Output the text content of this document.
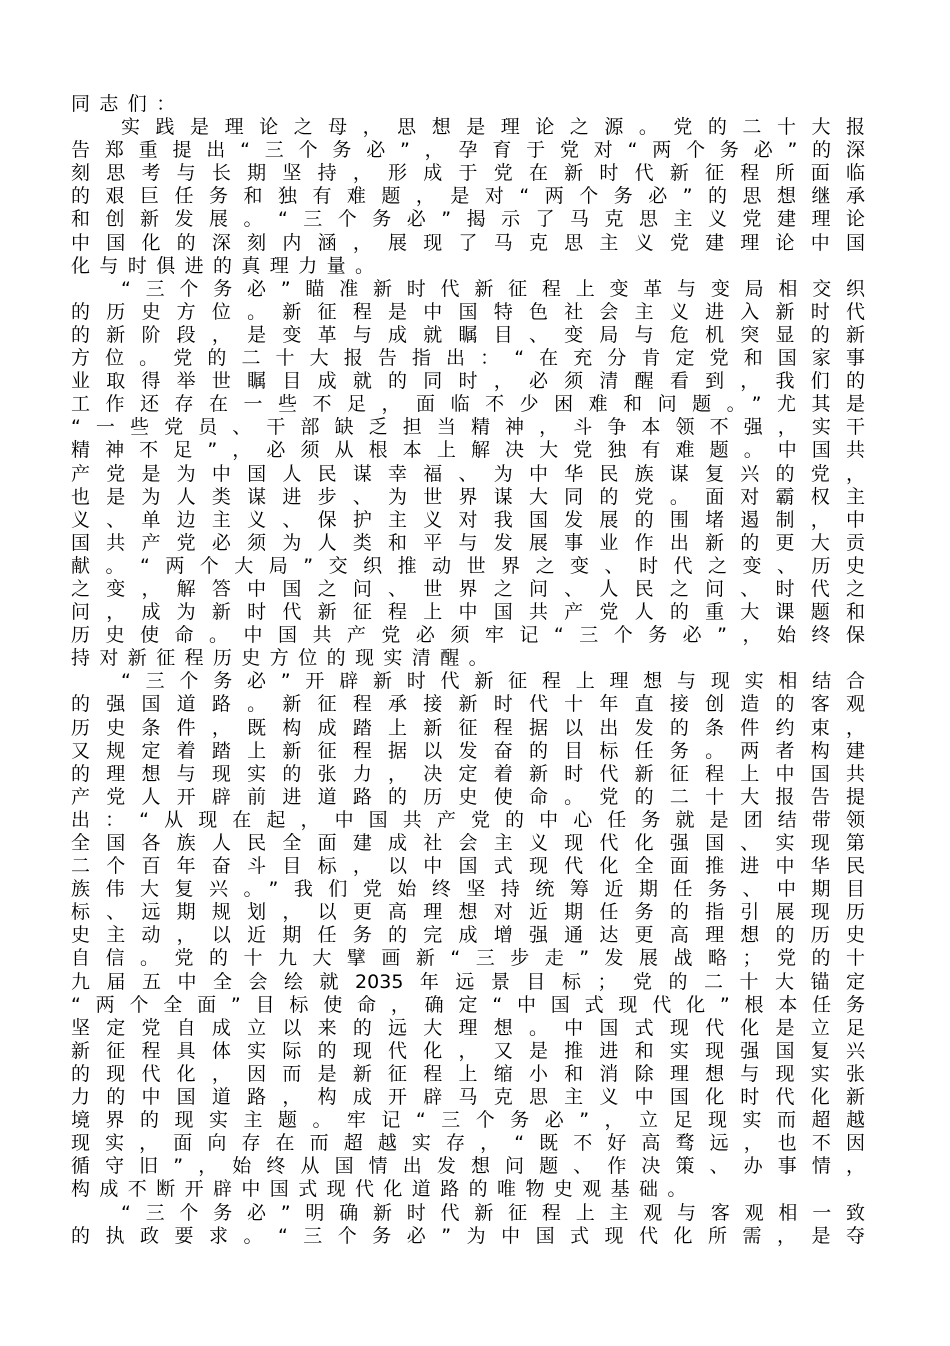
同志们：
实践是理论之母，思想是理论之源。党的二十大报
告郑重提出“三个务必”，孕育于党对“两个务必”的深
刻思考与长期坚持，形成于党在新时代新征程所面临
的艰巨任务和独有难题，是对“两个务必”的思想继承
和创新发展。“三个务必”揭示了马克思主义党建理论
中国化的深刻内涵，展现了马克思主义党建理论中国
化与时俱进的真理力量。
“三个务必”瞄准新时代新征程上变革与变局相交织
的历史方位。新征程是中国特色社会主义进入新时代
的新阶段，是变革与成就瞩目、变局与危机突显的新
方位。党的二十大报告指出：“在充分肯定党和国家事
业取得举世瞩目成就的同时，必须清醒看到，我们的
工作还存在一些不足，面临不少困难和问题。”尤其是
“一些党员、干部缺乏担当精神，斗争本领不强，实干
精神不足”，必须从根本上解决大党独有难题。中国共
产党是为中国人民谋幸福、为中华民族谋复兴的党，
也是为人类谋进步、为世界谋大同的党。面对霸权主
义、单边主义、保护主义对我国发展的围堵遏制，中
国共产党必须为人类和平与发展事业作出新的更大贡
献。“两个大局”交织推动世界之变、时代之变、历史
之变，解答中国之问、世界之问、人民之问、时代之
问，成为新时代新征程上中国共产党人的重大课题和
历史使命。中国共产党必须牢记“三个务必”，始终保
持对新征程历史方位的现实清醒。
“三个务必”开辟新时代新征程上理想与现实相结合
的强国道路。新征程承接新时代十年直接创造的客观
历史条件，既构成踏上新征程据以出发的条件约束，
又规定着踏上新征程据以发奋的目标任务。两者构建
的理想与现实的张力，决定着新时代新征程上中国共
产党人开辟前进道路的历史使命。党的二十大报告提
出：“从现在起，中国共产党的中心任务就是团结带领
全国各族人民全面建成社会主义现代化强国、实现第
二个百年奋斗目标，以中国式现代化全面推进中华民
族伟大复兴。”我们党始终坚持统筹近期任务、中期目
标、远期规划，以更高理想对近期任务的指引展现历
史主动，以近期任务的完成增强通达更高理想的历史
自信。党的十九大擘画新“三步走”发展战略；党的十
九届五中全会绘就2035年远景目标；党的二十大锚定
“两个全面”目标使命，确定“中国式现代化”根本任务
坚定党自成立以来的远大理想。中国式现代化是立足
新征程具体实际的现代化，又是推进和实现强国复兴
的现代化，因而是新征程上缩小和消除理想与现实张
力的中国道路，构成开辟马克思主义中国化时代化新
境界的现实主题。牢记“三个务必”，立足现实而超越
现实，面向存在而超越实存，“既不好高骛远，也不因
循守旧”，始终从国情出发想问题、作决策、办事情，
构成不断开辟中国式现代化道路的唯物史观基础。
“三个务必”明确新时代新征程上主观与客观相一致
的执政要求。“三个务必”为中国式现代化所需，是夺
